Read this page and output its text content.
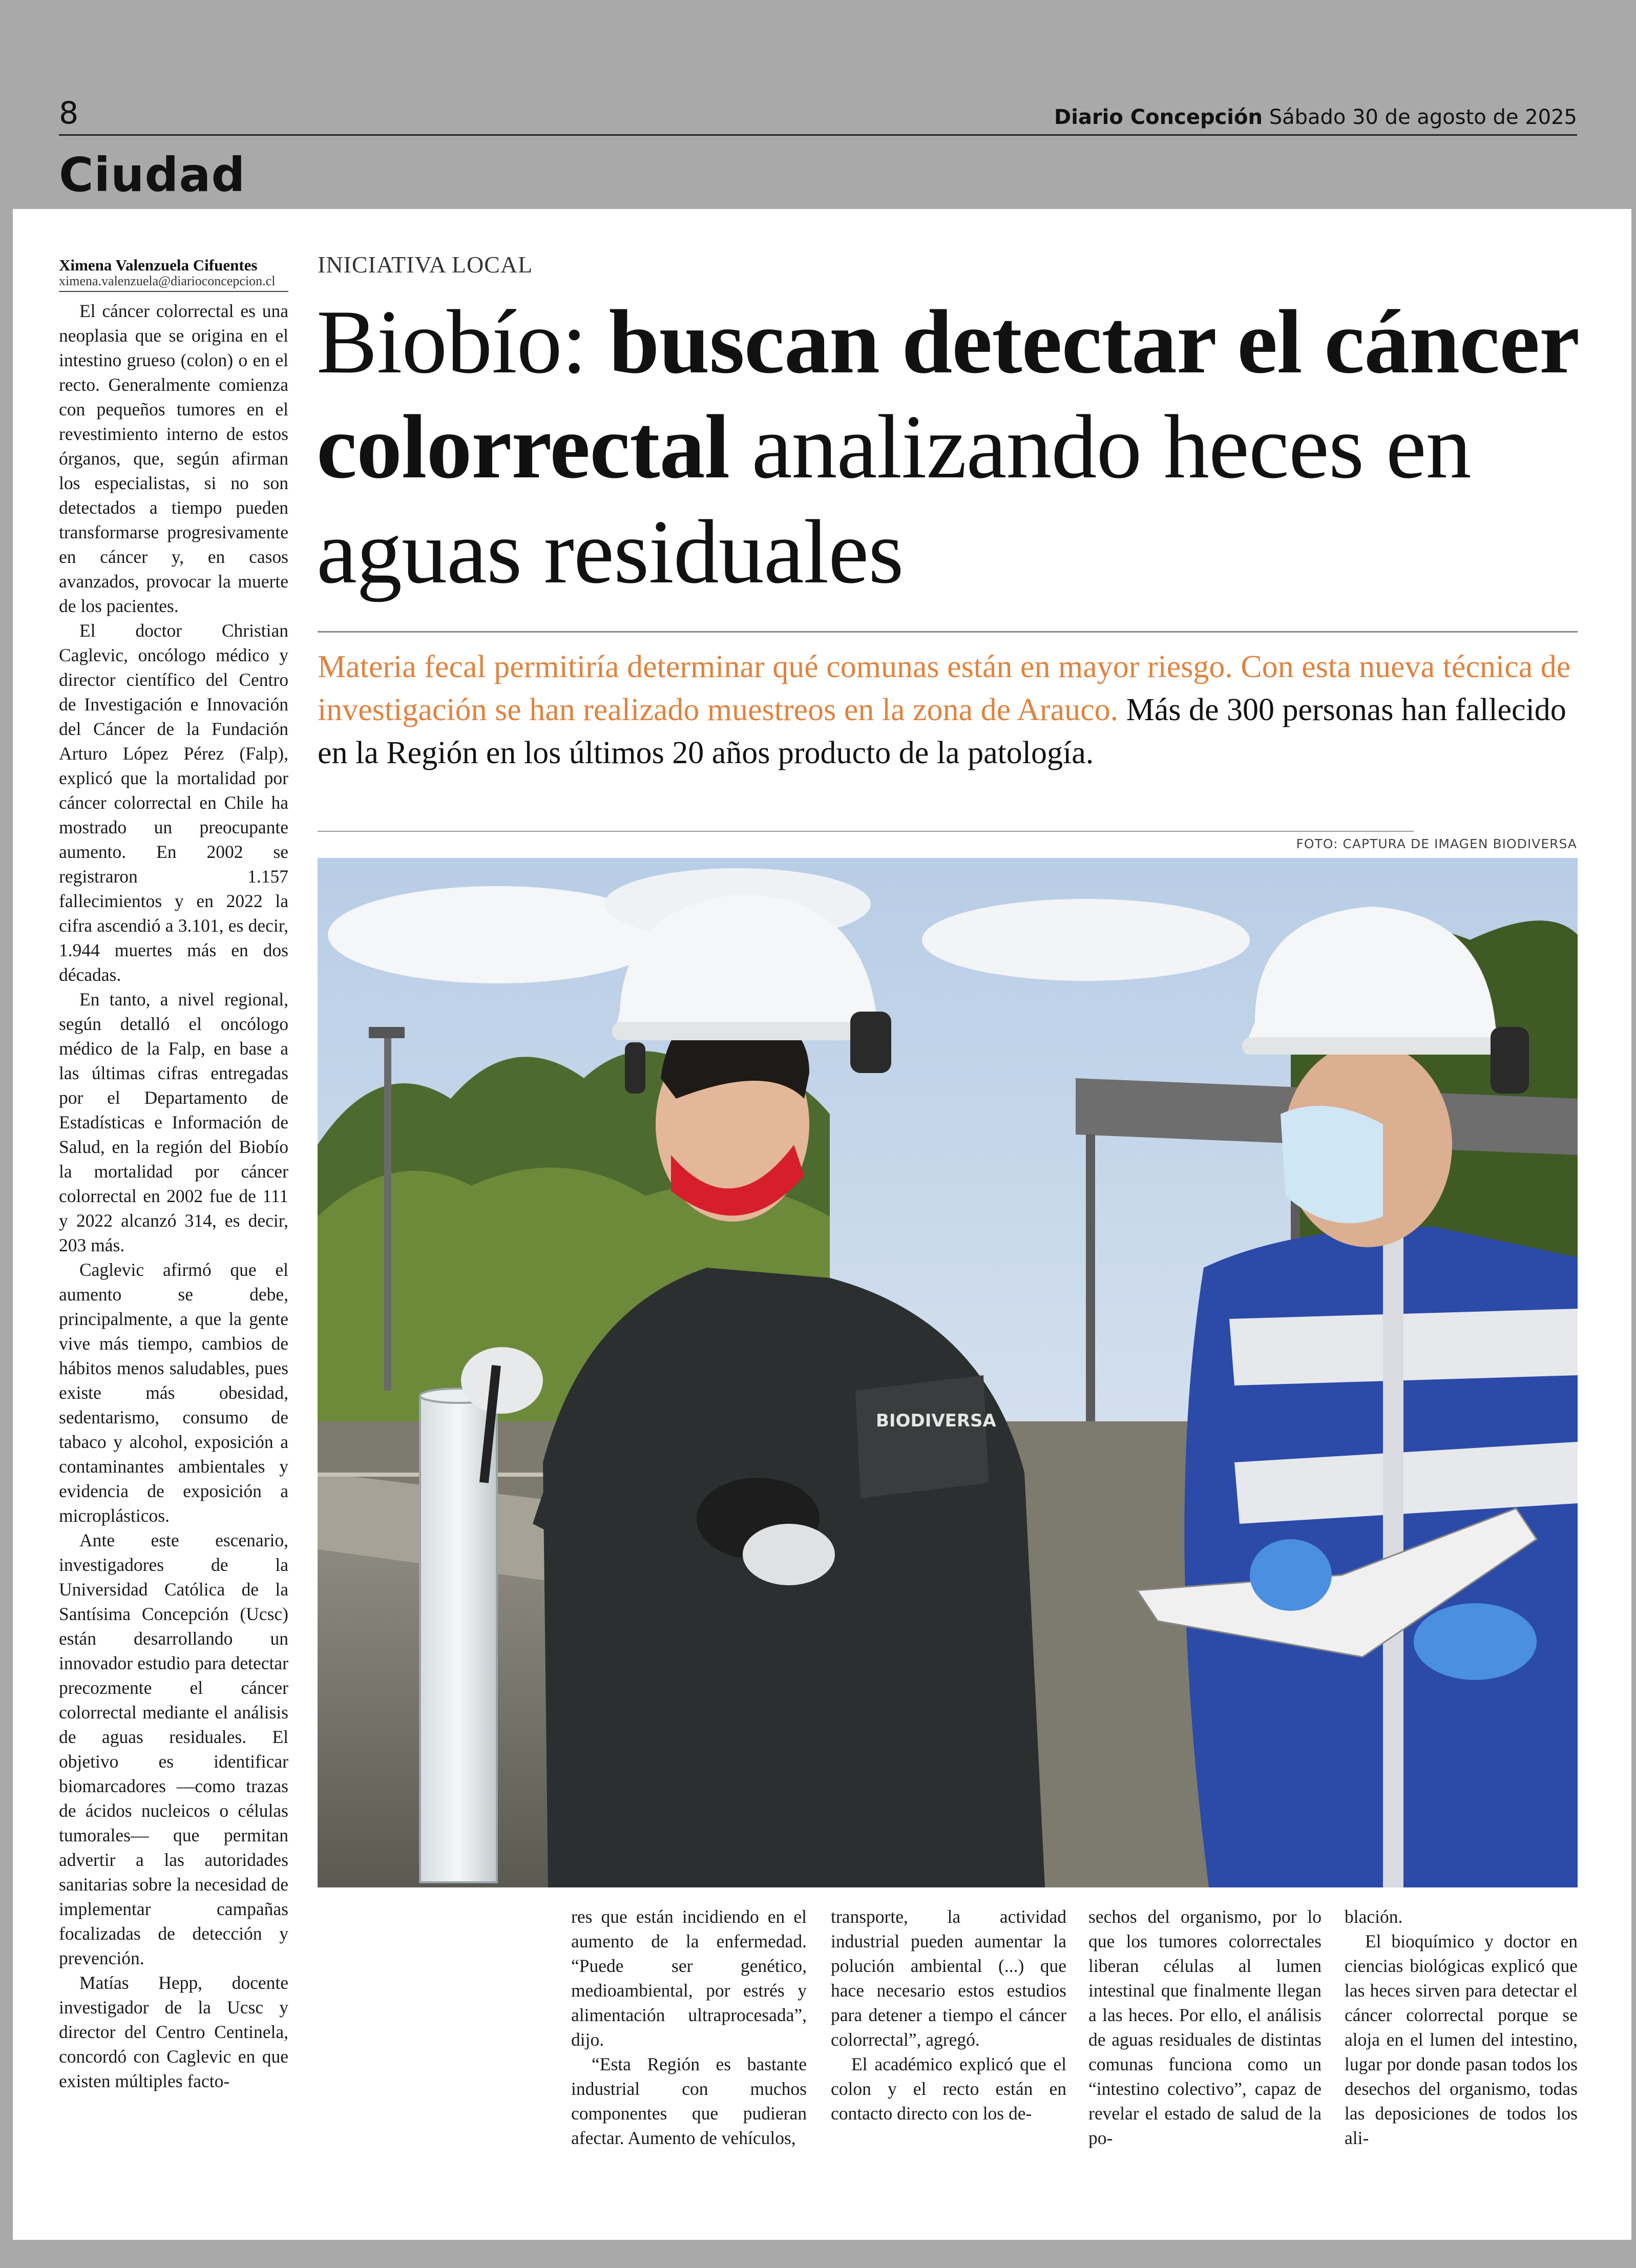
8	Diario Concepción Sábado 30 de agosto de 2025
Ciudad
Ximena Valenzuela Cifuentes
ximena.valenzuela@diarioconcepcion.cl

El cáncer colorrectal es una neoplasia que se origina en el intestino grueso (colon) o en el recto. Generalmente comienza con pequeños tumores en el revestimiento interno de estos órganos, que, según afirman los especialistas, si no son detectados a tiempo pueden transformarse progresivamente en cáncer y, en casos avanzados, provocar la muerte de los pacientes.

El doctor Christian Caglevic, oncólogo médico y director científico del Centro de Investigación e Innovación del Cáncer de la Fundación Arturo López Pérez (Falp), explicó que la mortalidad por cáncer colorrectal en Chile ha mostrado un preocupante aumento. En 2002 se registraron 1.157 fallecimientos y en 2022 la cifra ascendió a 3.101, es decir, 1.944 muertes más en dos décadas.

En tanto, a nivel regional, según detalló el oncólogo médico de la Falp, en base a las últimas cifras entregadas por el Departamento de Estadísticas e Información de Salud, en la región del Biobío la mortalidad por cáncer colorrectal en 2002 fue de 111 y 2022 alcanzó 314, es decir, 203 más.

Caglevic afirmó que el aumento se debe, principalmente, a que la gente vive más tiempo, cambios de hábitos menos saludables, pues existe más obesidad, sedentarismo, consumo de tabaco y alcohol, exposición a contaminantes ambientales y evidencia de exposición a microplásticos.

Ante este escenario, investigadores de la Universidad Católica de la Santísima Concepción (Ucsc) están desarrollando un innovador estudio para detectar precozmente el cáncer colorrectal mediante el análisis de aguas residuales. El objetivo es identificar biomarcadores —como trazas de ácidos nucleicos o células tumorales— que permitan advertir a las autoridades sanitarias sobre la necesidad de implementar campañas focalizadas de detección y prevención.

Matías Hepp, docente investigador de la Ucsc y director del Centro Centinela, concordó con Caglevic en que existen múltiples facto-

INICIATIVA LOCAL
Biobío: buscan detectar el cáncer colorrectal analizando heces en aguas residuales
Materia fecal permitiría determinar qué comunas están en mayor riesgo. Con esta nueva técnica de investigación se han realizado muestreos en la zona de Arauco. Más de 300 personas han fallecido en la Región en los últimos 20 años producto de la patología.
FOTO: CAPTURA DE IMAGEN BIODIVERSA
BIODIVERSA

res que están incidiendo en el aumento de la enfermedad. “Puede ser genético, medioambiental, por estrés y alimentación ultraprocesada”, dijo.

“Esta Región es bastante industrial con muchos componentes que pudieran afectar. Aumento de vehículos,

transporte, la actividad industrial pueden aumentar la polución ambiental (...) que hace necesario estos estudios para detener a tiempo el cáncer colorrectal”, agregó.

El académico explicó que el colon y el recto están en contacto directo con los de-

sechos del organismo, por lo que los tumores colorrectales liberan células al lumen intestinal que finalmente llegan a las heces. Por ello, el análisis de aguas residuales de distintas comunas funciona como un “intestino colectivo”, capaz de revelar el estado de salud de la po-

blación.

El bioquímico y doctor en ciencias biológicas explicó que las heces sirven para detectar el cáncer colorrectal porque se aloja en el lumen del intestino, lugar por donde pasan todos los desechos del organismo, todas las deposiciones de todos los ali-
